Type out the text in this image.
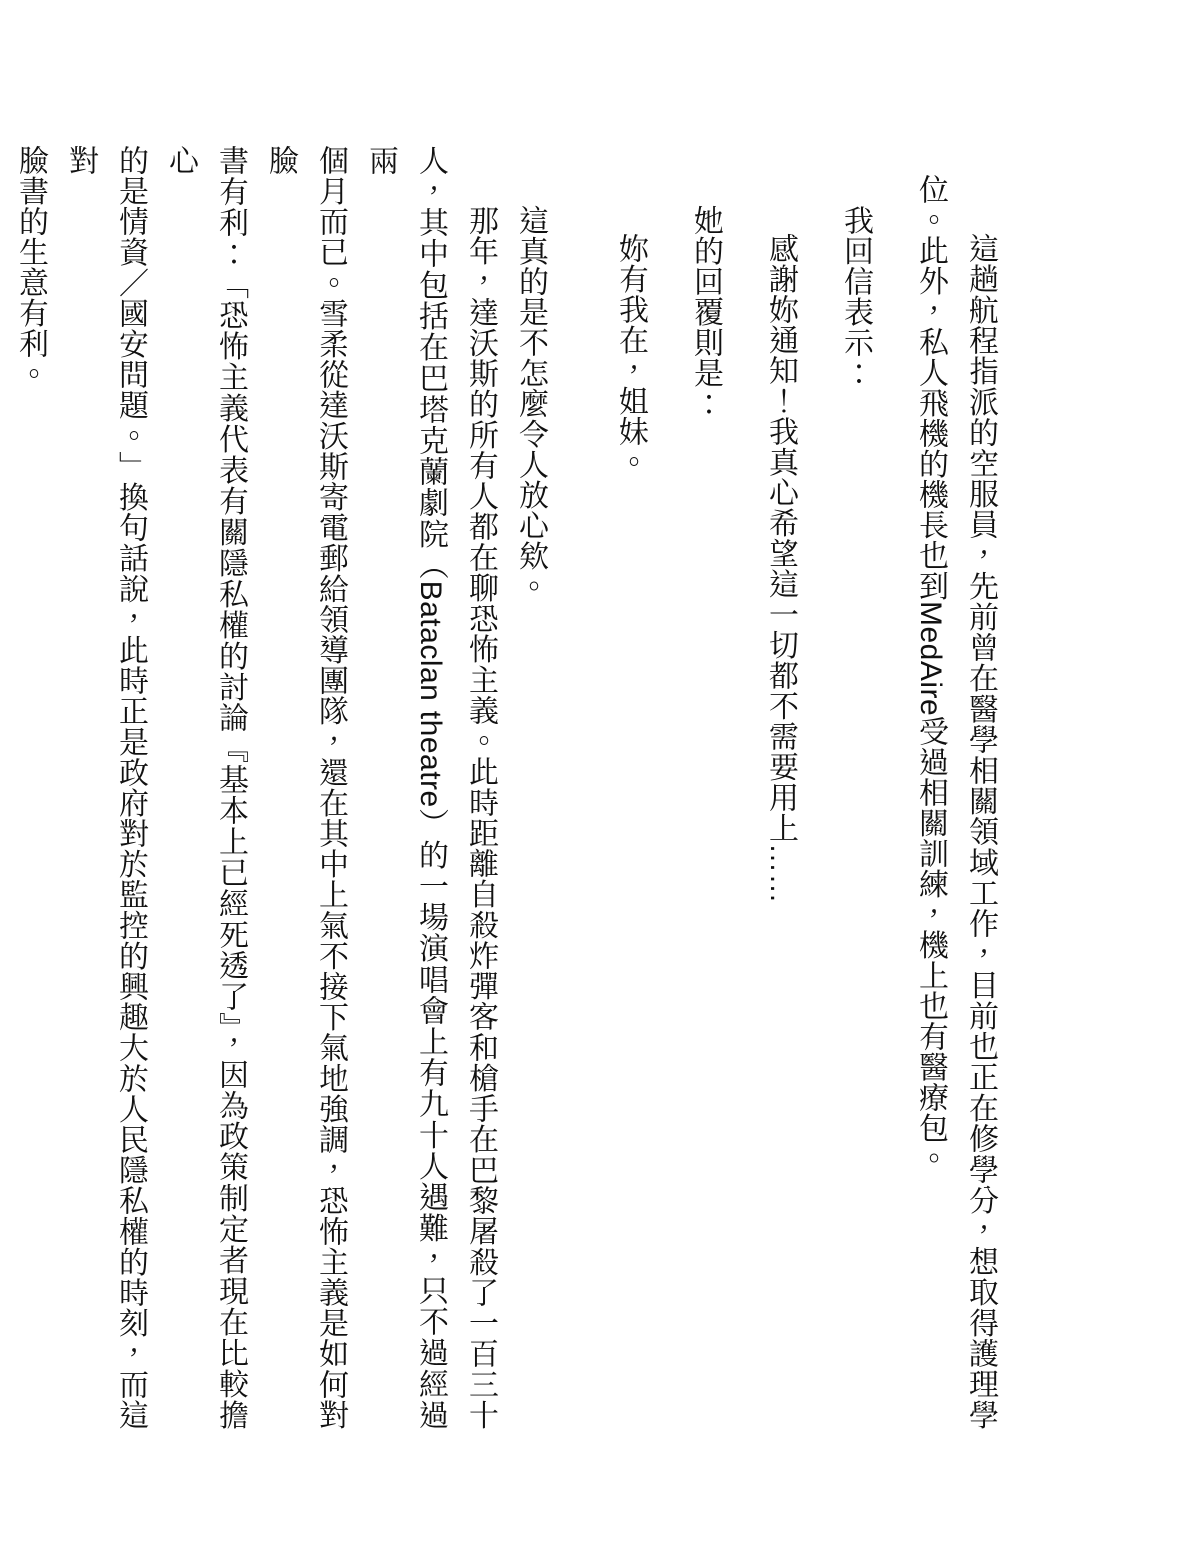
這趟航程指派的空服員，先前曾在醫學相關領域工作，目前也正在修學分，想取得護理學
位。此外，私人飛機的機長也到MedAire受過相關訓練，機上也有醫療包。
我回信表示：
感謝妳通知！我真心希望這一切都不需要用上……
她的回覆則是：
妳有我在，姐妹。
這真的是不怎麼令人放心欸。
那年，達沃斯的所有人都在聊恐怖主義。此時距離自殺炸彈客和槍手在巴黎屠殺了一百三十
人，其中包括在巴塔克蘭劇院（Bataclan theatre）的一場演唱會上有九十人遇難，只不過經過兩
個月而已。雪柔從達沃斯寄電郵給領導團隊，還在其中上氣不接下氣地強調，恐怖主義是如何對臉
書有利：「恐怖主義代表有關隱私權的討論『基本上已經死透了』，因為政策制定者現在比較擔心
的是情資／國安問題。」換句話說，此時正是政府對於監控的興趣大於人民隱私權的時刻，而這對
臉書的生意有利。
